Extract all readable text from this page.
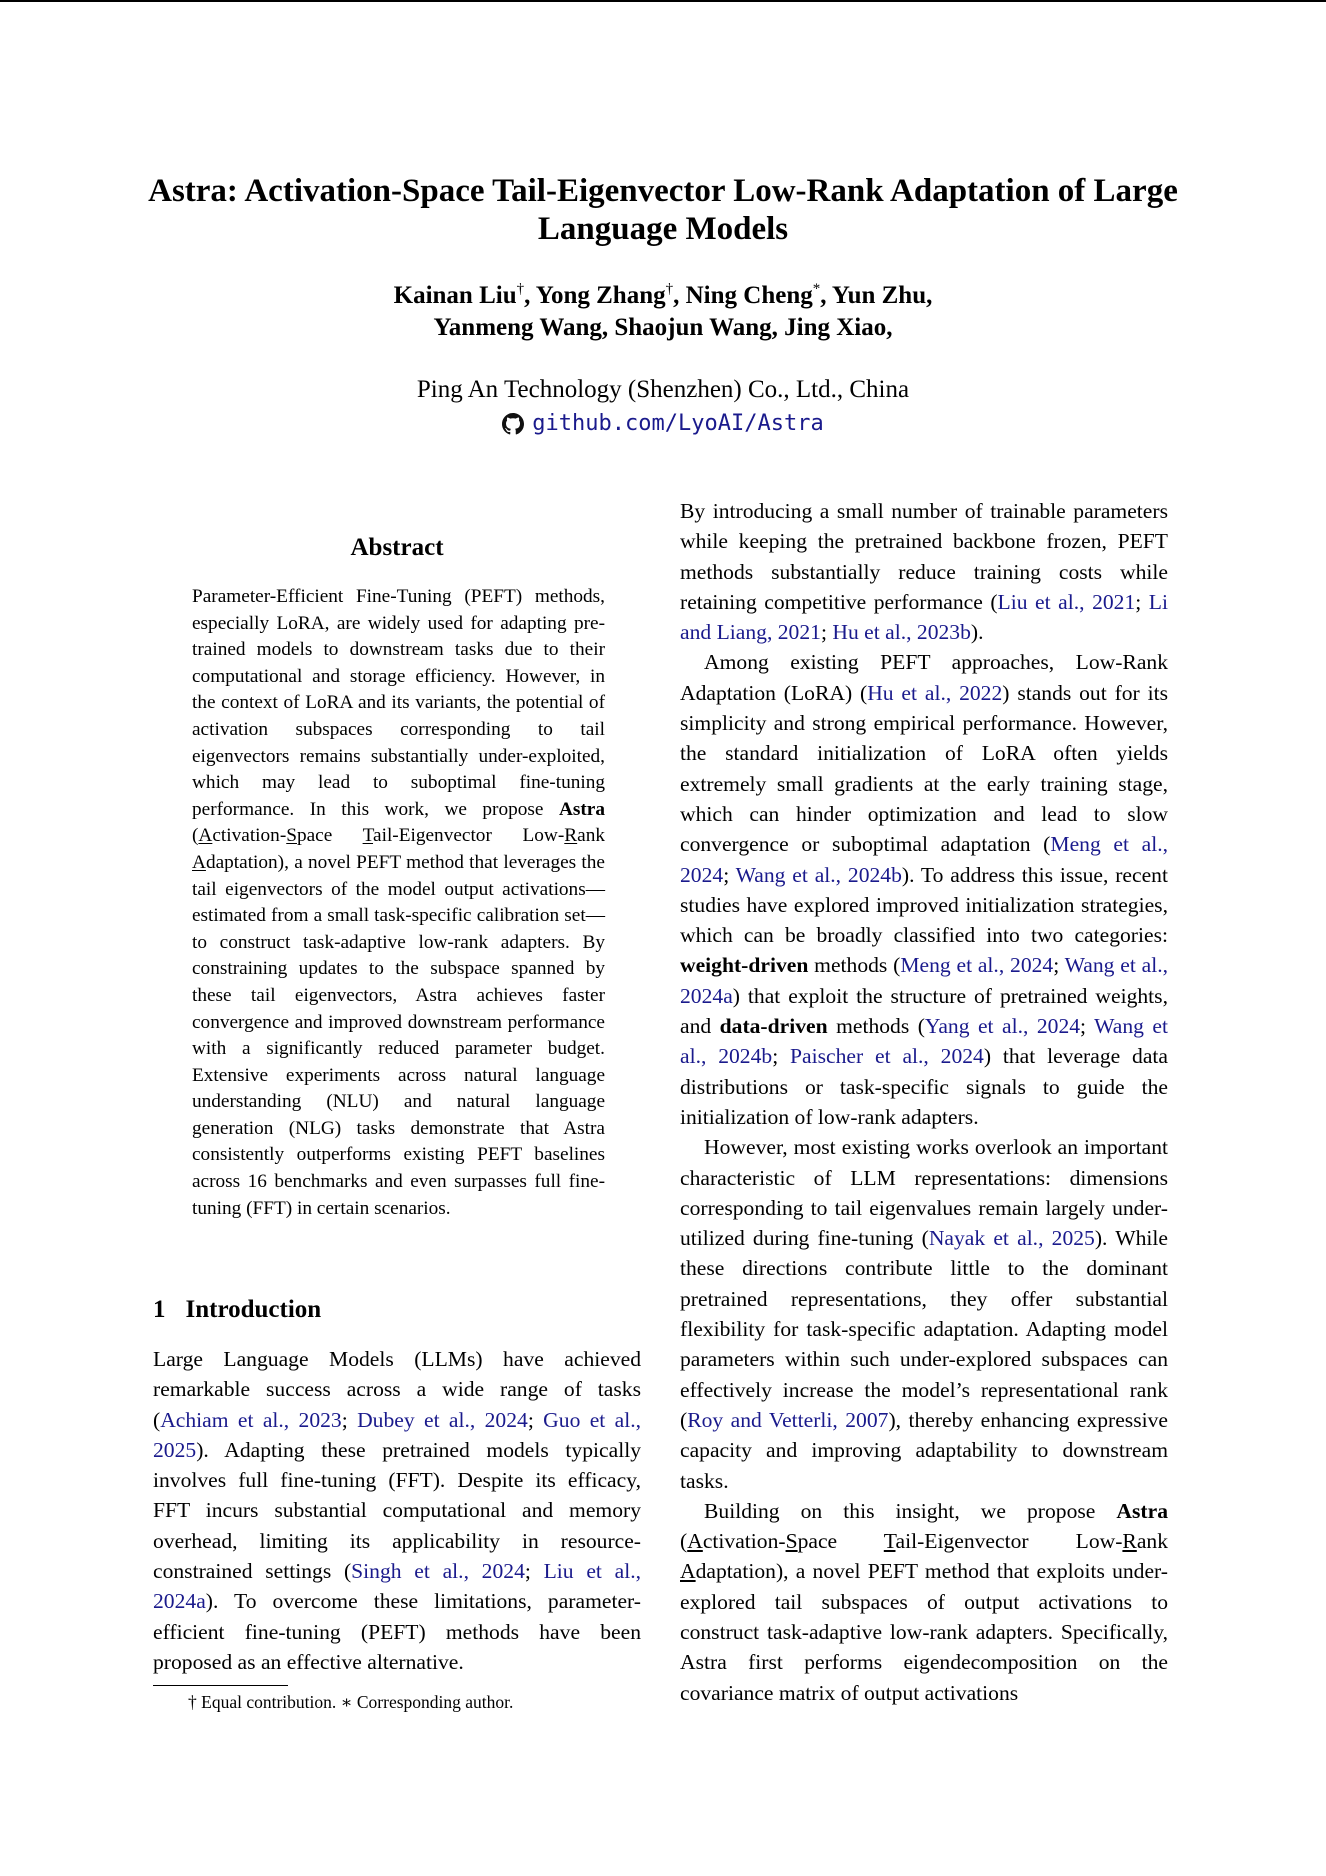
Astra: Activation-Space Tail-Eigenvector Low-Rank Adaptation of Large Language Models
Kainan Liu†, Yong Zhang†, Ning Cheng*, Yun Zhu,
Yanmeng Wang, Shaojun Wang, Jing Xiao,
Ping An Technology (Shenzhen) Co., Ltd., China
github.com/LyoAI/Astra
Abstract
Parameter-Efficient Fine-Tuning (PEFT) methods, especially LoRA, are widely used for adapting pre-trained models to downstream tasks due to their computational and storage efficiency. However, in the context of LoRA and its variants, the potential of activation subspaces corresponding to tail eigenvectors remains substantially under-exploited, which may lead to suboptimal fine-tuning performance. In this work, we propose Astra (Activation-Space Tail-Eigenvector Low-Rank Adaptation), a novel PEFT method that leverages the tail eigenvectors of the model output activations—estimated from a small task-specific calibration set—to construct task-adaptive low-rank adapters. By constraining updates to the subspace spanned by these tail eigenvectors, Astra achieves faster convergence and improved downstream performance with a significantly reduced parameter budget. Extensive experiments across natural language understanding (NLU) and natural language generation (NLG) tasks demonstrate that Astra consistently outperforms existing PEFT baselines across 16 benchmarks and even surpasses full fine-tuning (FFT) in certain scenarios.
1 Introduction
Large Language Models (LLMs) have achieved remarkable success across a wide range of tasks (Achiam et al., 2023; Dubey et al., 2024; Guo et al., 2025). Adapting these pretrained models typically involves full fine-tuning (FFT). Despite its efficacy, FFT incurs substantial computational and memory overhead, limiting its applicability in resource-constrained settings (Singh et al., 2024; Liu et al., 2024a). To overcome these limitations, parameter-efficient fine-tuning (PEFT) methods have been proposed as an effective alternative.
† Equal contribution. ∗ Corresponding author.

By introducing a small number of trainable parameters while keeping the pretrained backbone frozen, PEFT methods substantially reduce training costs while retaining competitive performance (Liu et al., 2021; Li and Liang, 2021; Hu et al., 2023b).

Among existing PEFT approaches, Low-Rank Adaptation (LoRA) (Hu et al., 2022) stands out for its simplicity and strong empirical performance. However, the standard initialization of LoRA often yields extremely small gradients at the early training stage, which can hinder optimization and lead to slow convergence or suboptimal adaptation (Meng et al., 2024; Wang et al., 2024b). To address this issue, recent studies have explored improved initialization strategies, which can be broadly classified into two categories: weight-driven methods (Meng et al., 2024; Wang et al., 2024a) that exploit the structure of pretrained weights, and data-driven methods (Yang et al., 2024; Wang et al., 2024b; Paischer et al., 2024) that leverage data distributions or task-specific signals to guide the initialization of low-rank adapters.

However, most existing works overlook an important characteristic of LLM representations: dimensions corresponding to tail eigenvalues remain largely under-utilized during fine-tuning (Nayak et al., 2025). While these directions contribute little to the dominant pretrained representations, they offer substantial flexibility for task-specific adaptation. Adapting model parameters within such under-explored subspaces can effectively increase the model’s representational rank (Roy and Vetterli, 2007), thereby enhancing expressive capacity and improving adaptability to downstream tasks.

Building on this insight, we propose Astra (Activation-Space Tail-Eigenvector Low-Rank Adaptation), a novel PEFT method that exploits under-explored tail subspaces of output activations to construct task-adaptive low-rank adapters. Specifically, Astra first performs eigendecomposition on the covariance matrix of output activations
